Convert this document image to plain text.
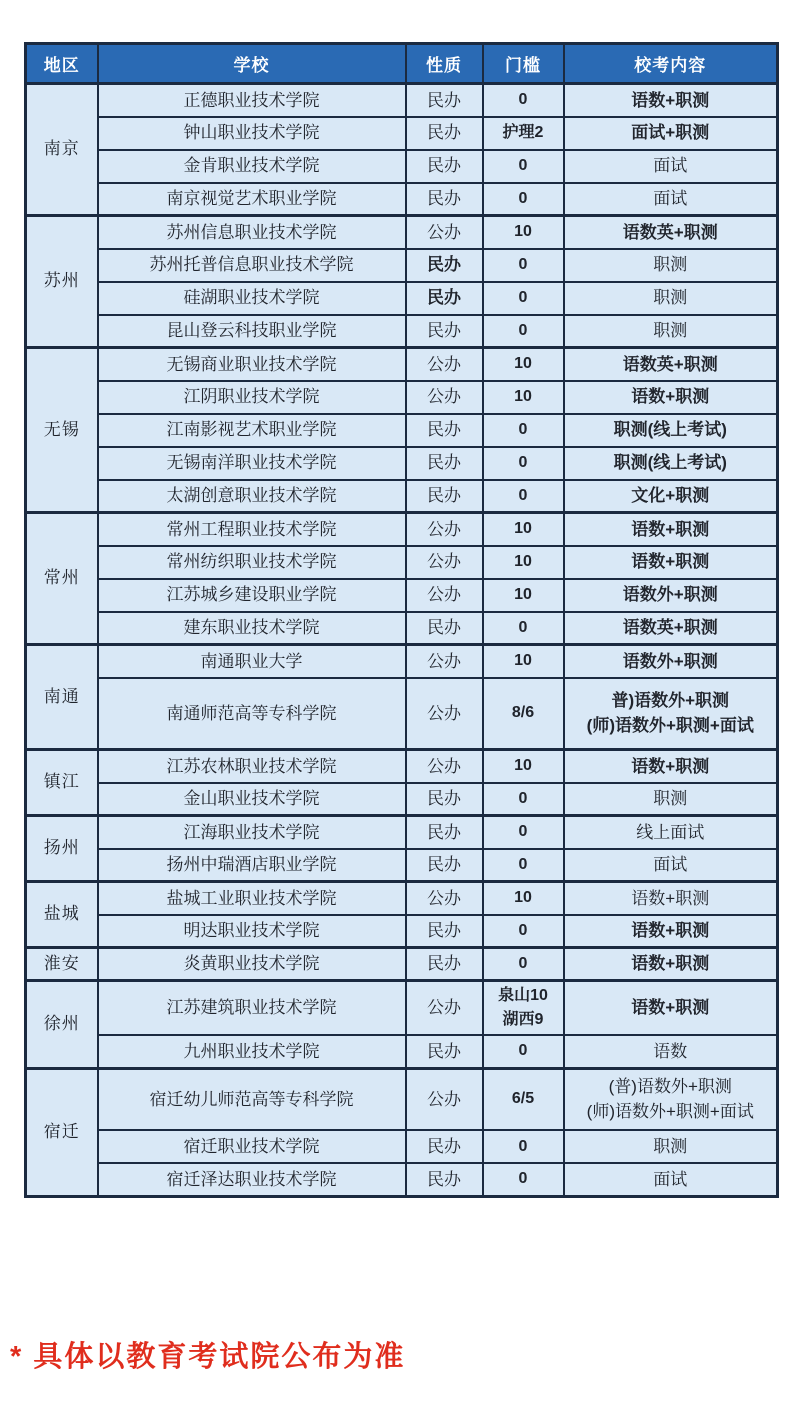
地区	学校	性质	门槛	校考内容
南京	正德职业技术学院	民办	0	语数+职测

	钟山职业技术学院	民办	护理2	面试+职测

	金肯职业技术学院	民办	0	面试

	南京视觉艺术职业学院	民办	0	面试

苏州	苏州信息职业技术学院	公办	10	语数英+职测

	苏州托普信息职业技术学院	民办	0	职测

	硅湖职业技术学院	民办	0	职测

	昆山登云科技职业学院	民办	0	职测

无锡	无锡商业职业技术学院	公办	10	语数英+职测

	江阴职业技术学院	公办	10	语数+职测

	江南影视艺术职业学院	民办	0	职测(线上考试)

	无锡南洋职业技术学院	民办	0	职测(线上考试)

	太湖创意职业技术学院	民办	0	文化+职测

常州	常州工程职业技术学院	公办	10	语数+职测

	常州纺织职业技术学院	公办	10	语数+职测

	江苏城乡建设职业学院	公办	10	语数外+职测

	建东职业技术学院	民办	0	语数英+职测

南通	南通职业大学	公办	10	语数外+职测

	南通师范高等专科学院	公办	8/6	普)语数外+职测
(师)语数外+职测+面试

镇江	江苏农林职业技术学院	公办	10	语数+职测

	金山职业技术学院	民办	0	职测

扬州	江海职业技术学院	民办	0	线上面试

	扬州中瑞酒店职业学院	民办	0	面试

盐城	盐城工业职业技术学院	公办	10	语数+职测

	明达职业技术学院	民办	0	语数+职测

淮安	炎黄职业技术学院	民办	0	语数+职测

徐州	江苏建筑职业技术学院	公办	泉山10
湖西9	语数+职测

	九州职业技术学院	民办	0	语数

宿迁	宿迁幼儿师范高等专科学院	公办	6/5	(普)语数外+职测
(师)语数外+职测+面试

	宿迁职业技术学院	民办	0	职测

	宿迁泽达职业技术学院	民办	0	面试
* 具体以教育考试院公布为准
